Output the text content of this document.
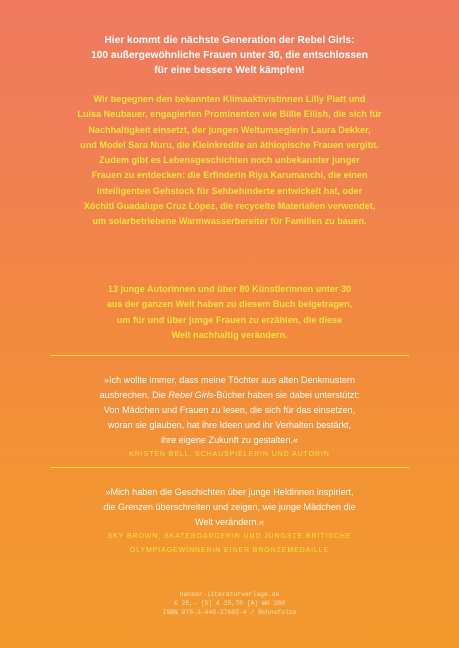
Hier kommt die nächste Generation der Rebel Girls:
100 außergewöhnliche Frauen unter 30, die entschlossen
für eine bessere Welt kämpfen!

Wir begegnen den bekannten Klimaaktivistinnen Lilly Platt und
Luisa Neubauer, engagierten Prominenten wie Billie Eilish, die sich für
Nachhaltigkeit einsetzt, der jungen Weltumseglerin Laura Dekker,
und Model Sara Nuru, die Kleinkredite an äthiopische Frauen vergibt.
Zudem gibt es Lebensgeschichten noch unbekannter junger
Frauen zu entdecken: die Erfinderin Riya Karumanchi, die einen
intelligenten Gehstock für Sehbehinderte entwickelt hat, oder
Xóchitl Guadalupe Cruz López, die recycelte Materialien verwendet,
um solarbetriebene Warmwasserbereiter für Familien zu bauen.

13 junge Autorinnen und über 80 Künstlerinnen unter 30
aus der ganzen Welt haben zu diesem Buch beigetragen,
um für und über junge Frauen zu erzählen, die diese
Welt nachhaltig verändern.

»Ich wollte immer, dass meine Töchter aus alten Denkmustern
ausbrechen. Die Rebel Girls-Bücher haben sie dabei unterstützt:
Von Mädchen und Frauen zu lesen, die sich für das einsetzen,
woran sie glauben, hat ihre Ideen und ihr Verhalten bestärkt,
ihre eigene Zukunft zu gestalten.«
KRISTEN BELL, SCHAUSPIELERIN UND AUTORIN
»Mich haben die Geschichten über junge Heldinnen inspiriert,
die Grenzen überschreiten und zeigen, wie junge Mädchen die
Welt verändern.«
SKY BROWN, SKATEBOARDERIN UND JÜNGSTE BRITISCHE
OLYMPIAGEWINNERIN EINER BRONZEMEDAILLE
hanser-literaturverlage.de
€ 25,– [D] € 25,70 [A] WG 280
ISBN 978-3-446-27602-4 / Rohnsfolie
